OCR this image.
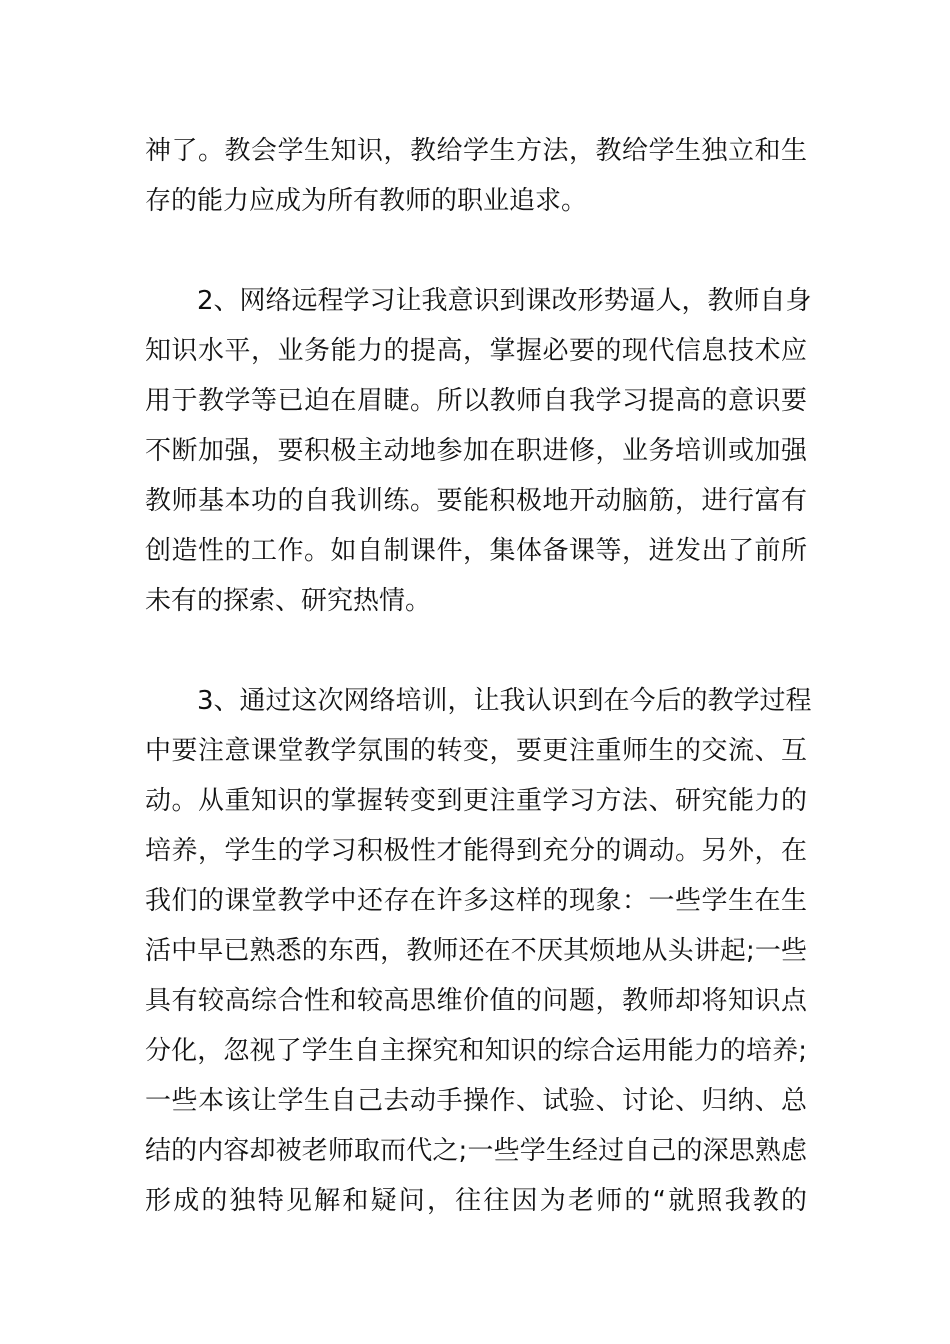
神了。教会学生知识，教给学生方法，教给学生独立和生
存的能力应成为所有教师的职业追求。
　　2、网络远程学习让我意识到课改形势逼人，教师自身
知识水平，业务能力的提高，掌握必要的现代信息技术应
用于教学等已迫在眉睫。所以教师自我学习提高的意识要
不断加强，要积极主动地参加在职进修，业务培训或加强
教师基本功的自我训练。要能积极地开动脑筋，进行富有
创造性的工作。如自制课件，集体备课等，迸发出了前所
未有的探索、研究热情。
　　3、通过这次网络培训，让我认识到在今后的教学过程
中要注意课堂教学氛围的转变，要更注重师生的交流、互
动。从重知识的掌握转变到更注重学习方法、研究能力的
培养，学生的学习积极性才能得到充分的调动。另外，在
我们的课堂教学中还存在许多这样的现象：一些学生在生
活中早已熟悉的东西，教师还在不厌其烦地从头讲起;一些
具有较高综合性和较高思维价值的问题，教师却将知识点
分化，忽视了学生自主探究和知识的综合运用能力的培养;
一些本该让学生自己去动手操作、试验、讨论、归纳、总
结的内容却被老师取而代之;一些学生经过自己的深思熟虑
形成的独特见解和疑问，往往因为老师的“就照我教的
